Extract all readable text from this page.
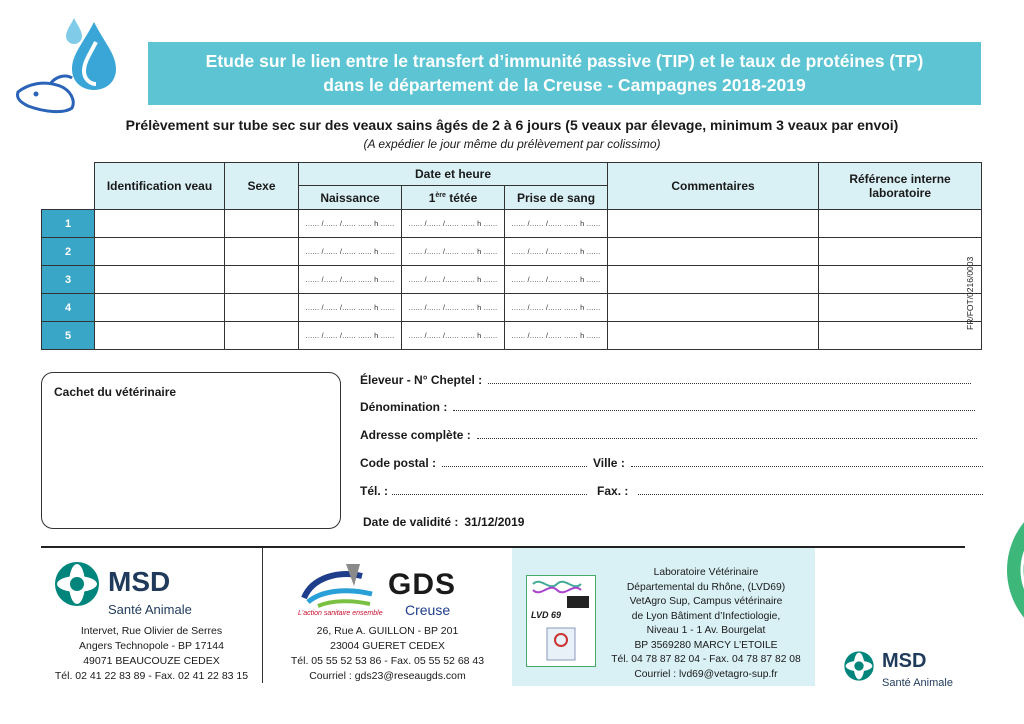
Etude sur le lien entre le transfert d’immunité passive (TIP) et le taux de protéines (TP)
dans le département de la Creuse - Campagnes 2018-2019
Prélèvement sur tube sec sur des veaux sains âgés de 2 à 6 jours (5 veaux par élevage, minimum 3 veaux par envoi)
(A expédier le jour même du prélèvement par colissimo)
	Identification veau	Sexe	Date et heure			Commentaires	Référence interne laboratoire
			Naissance	1ère tétée	Prise de sang		
1			...... /...... /...... ...... h ......	...... /...... /...... ...... h ......	...... /...... /...... ...... h ......		
2			...... /...... /...... ...... h ......	...... /...... /...... ...... h ......	...... /...... /...... ...... h ......		
3			...... /...... /...... ...... h ......	...... /...... /...... ...... h ......	...... /...... /...... ...... h ......		
4			...... /...... /...... ...... h ......	...... /...... /...... ...... h ......	...... /...... /...... ...... h ......		
5			...... /...... /...... ...... h ......	...... /...... /...... ...... h ......	...... /...... /...... ...... h ......		
FR/FOT/0216/0003
Cachet du vétérinaire
Éleveur - N° Cheptel :
Dénomination :
Adresse complète :
Code postal :	Ville :
Tél. :	Fax. :
Date de validité : 31/12/2019
MSD
Santé Animale
Intervet, Rue Olivier de Serres
Angers Technopole - BP 17144
49071 BEAUCOUZE CEDEX
Tél. 02 41 22 83 89 - Fax. 02 41 22 83 15
GDS
Creuse
L'action sanitaire ensemble
26, Rue A. GUILLON - BP 201
23004 GUERET CEDEX
Tél. 05 55 52 53 86 - Fax. 05 55 52 68 43
Courriel : gds23@reseaugds.com
LVD 69
Laboratoire Vétérinaire
Départemental du Rhône, (LVD69)
VetAgro Sup, Campus vétérinaire
de Lyon Bâtiment d’Infectiologie,
Niveau 1 - 1 Av. Bourgelat
BP 3569280 MARCY L’ETOILE
Tél. 04 78 87 82 04 - Fax. 04 78 87 82 08
Courriel : lvd69@vetagro-sup.fr
MSD
Santé Animale
